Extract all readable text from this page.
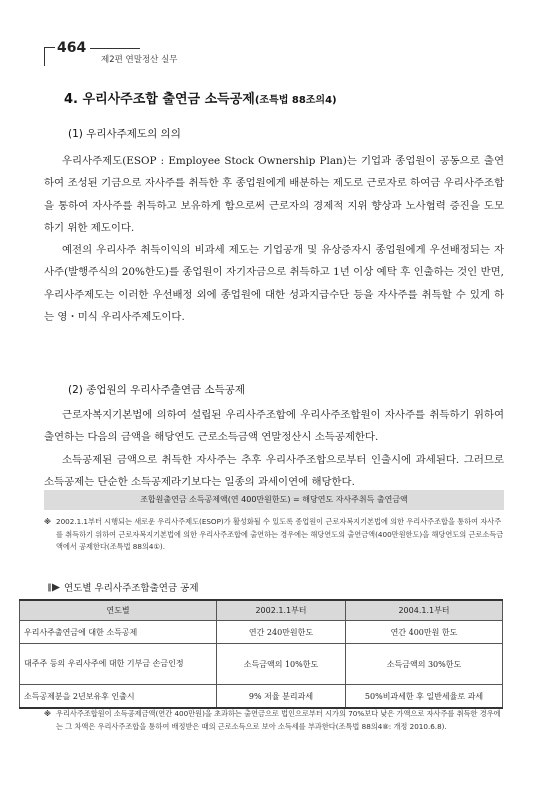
464
제2편 연말정산 실무
4. 우리사주조합 출연금 소득공제(조특법 88조의4)
(1) 우리사주제도의 의의

우리사주제도(ESOP : Employee Stock Ownership Plan)는 기업과 종업원이 공동으로 출연하여 조성된 기금으로 자사주를 취득한 후 종업원에게 배분하는 제도로 근로자로 하여금 우리사주조합을 통하여 자사주를 취득하고 보유하게 함으로써 근로자의 경제적 지위 향상과 노사협력 증진을 도모하기 위한 제도이다.

예전의 우리사주 취득이익의 비과세 제도는 기업공개 및 유상증자시 종업원에게 우선배정되는 자사주(발행주식의 20%한도)를 종업원이 자기자금으로 취득하고 1년 이상 예탁 후 인출하는 것인 반면, 우리사주제도는 이러한 우선배정 외에 종업원에 대한 성과지급수단 등을 자사주를 취득할 수 있게 하는 영・미식 우리사주제도이다.

(2) 종업원의 우리사주출연금 소득공제

근로자복지기본법에 의하여 설립된 우리사주조합에 우리사주조합원이 자사주를 취득하기 위하여 출연하는 다음의 금액을 해당연도 근로소득금액 연말정산시 소득공제한다.

소득공제된 금액으로 취득한 자사주는 추후 우리사주조합으로부터 인출시에 과세된다. 그러므로 소득공제는 단순한 소득공제라기보다는 일종의 과세이연에 해당한다.

조합원출연금 소득공제액(연 400만원한도) = 해당연도 자사주취득 출연금액
※ 2002.1.1부터 시행되는 새로운 우리사주제도(ESOP)가 활성화될 수 있도록 종업원이 근로자복지기본법에 의한 우리사주조합을 통하여 자사주를 취득하기 위하여 근로자복지기본법에 의한 우리사주조합에 출연하는 경우에는 해당연도의 출연금액(400만원한도)을 해당연도의 근로소득금액에서 공제한다(조특법 88의4①).
연도별 우리사주조합출연금 공제
연도별	2002.1.1부터	2004.1.1부터
우리사주출연금에 대한 소득공제	연간 240만원한도	연간 400만원 한도
대주주 등의 우리사주에 대한 기부금 손금인정	소득금액의 10%한도	소득금액의 30%한도
소득공제분을 2년보유후 인출시	9% 저율 분리과세	50%비과세한 후 일반세율로 과세
※ 우리사주조합원이 소득공제금액(연간 400만원)을 초과하는 출연금으로 법인으로부터 시가의 70%보다 낮은 가액으로 자사주를 취득한 경우에는 그 차액은 우리사주조합을 통하여 배정받은 때의 근로소득으로 보아 소득세를 부과한다(조특법 88의4⑧: 개정 2010.6.8).
